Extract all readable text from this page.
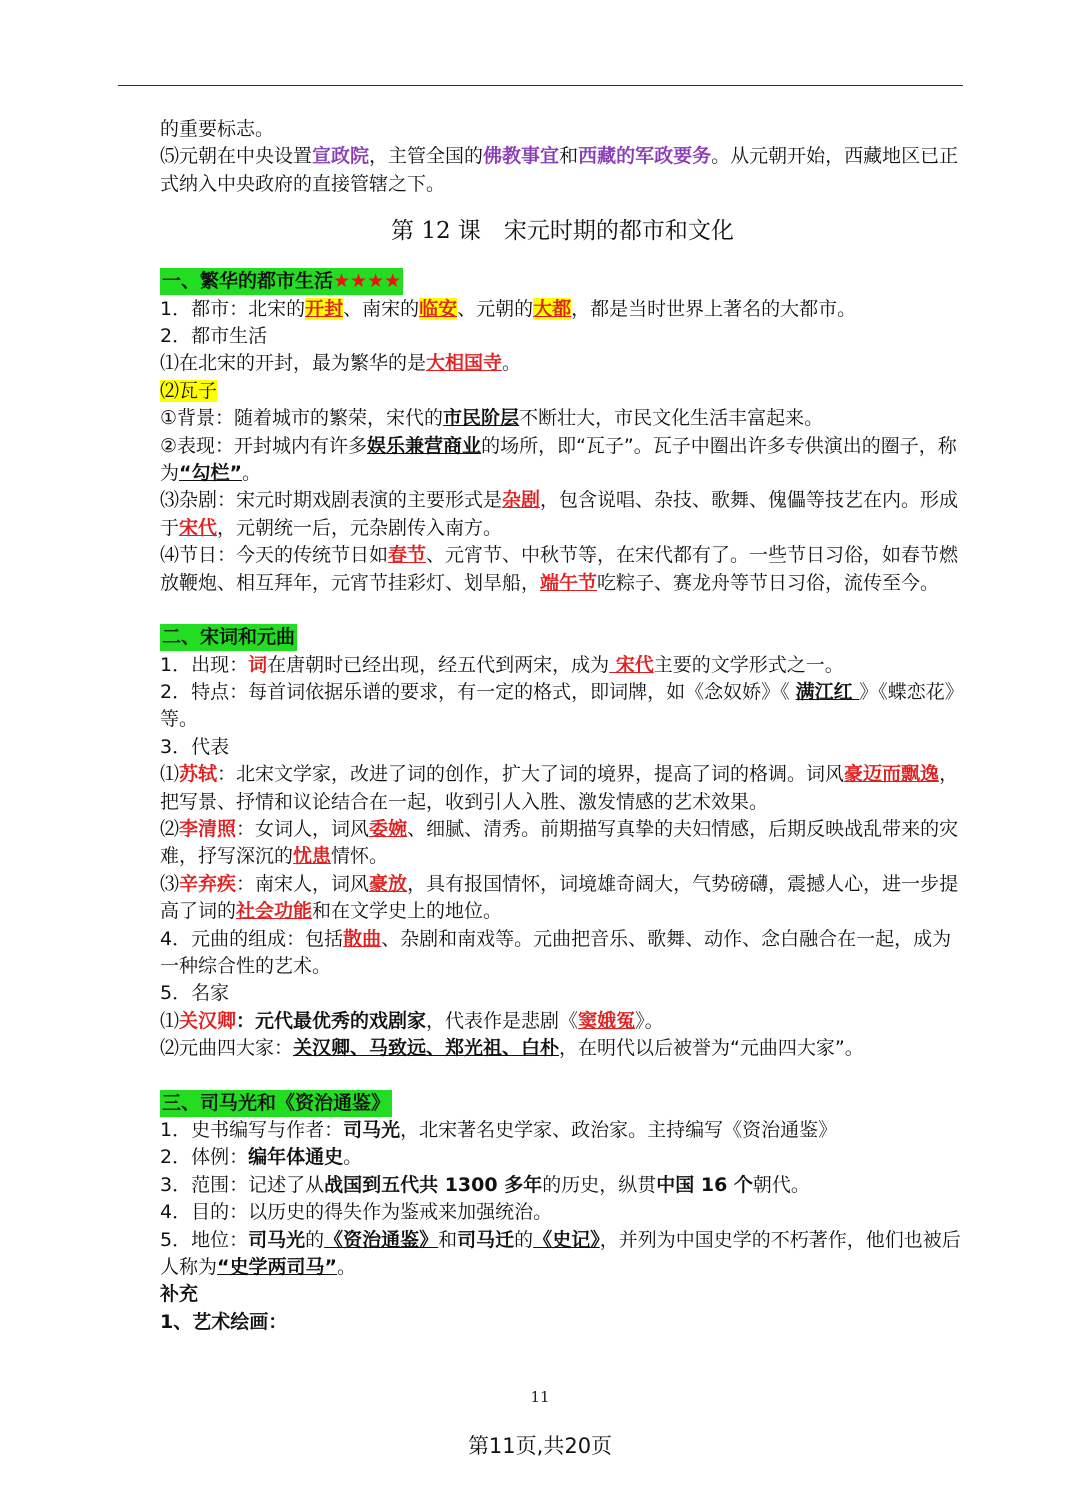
的重要标志。

⑸元朝在中央设置宣政院，主管全国的佛教事宜和西藏的军政要务。从元朝开始，西藏地区已正式纳入中央政府的直接管辖之下。

第 12 课　宋元时期的都市和文化

一、繁华的都市生活★★★★

1．都市：北宋的开封、南宋的临安、元朝的大都，都是当时世界上著名的大都市。

2．都市生活

⑴在北宋的开封，最为繁华的是大相国寺。

⑵瓦子

①背景：随着城市的繁荣，宋代的市民阶层不断壮大，市民文化生活丰富起来。

②表现：开封城内有许多娱乐兼营商业的场所，即“瓦子”。瓦子中圈出许多专供演出的圈子，称为“勾栏”。

⑶杂剧：宋元时期戏剧表演的主要形式是杂剧，包含说唱、杂技、歌舞、傀儡等技艺在内。形成于宋代，元朝统一后，元杂剧传入南方。

⑷节日：今天的传统节日如春节、元宵节、中秋节等，在宋代都有了。一些节日习俗，如春节燃放鞭炮、相互拜年，元宵节挂彩灯、划旱船，端午节吃粽子、赛龙舟等节日习俗，流传至今。

二、宋词和元曲

1．出现：词在唐朝时已经出现，经五代到两宋，成为 宋代主要的文学形式之一。

2．特点：每首词依据乐谱的要求，有一定的格式，即词牌，如《念奴娇》《 满江红 》《蝶恋花》等。

3．代表

⑴苏轼：北宋文学家，改进了词的创作，扩大了词的境界，提高了词的格调。词风豪迈而飘逸，把写景、抒情和议论结合在一起，收到引人入胜、激发情感的艺术效果。

⑵李清照：女词人，词风委婉、细腻、清秀。前期描写真挚的夫妇情感，后期反映战乱带来的灾难，抒写深沉的忧患情怀。

⑶辛弃疾：南宋人，词风豪放，具有报国情怀，词境雄奇阔大，气势磅礴，震撼人心，进一步提高了词的社会功能和在文学史上的地位。

4．元曲的组成：包括散曲、杂剧和南戏等。元曲把音乐、歌舞、动作、念白融合在一起，成为一种综合性的艺术。

5．名家

⑴关汉卿：元代最优秀的戏剧家，代表作是悲剧《窦娥冤》。

⑵元曲四大家：关汉卿、马致远、郑光祖、白朴，在明代以后被誉为“元曲四大家”。

三、司马光和《资治通鉴》

1．史书编写与作者：司马光，北宋著名史学家、政治家。主持编写《资治通鉴》

2．体例：编年体通史。

3．范围：记述了从战国到五代共 1300 多年的历史，纵贯中国 16 个朝代。

4．目的：以历史的得失作为鉴戒来加强统治。

5．地位：司马光的《资治通鉴》和司马迁的《史记》，并列为中国史学的不朽著作，他们也被后人称为“史学两司马”。

补充

1、艺术绘画：

11
第11页,共20页
